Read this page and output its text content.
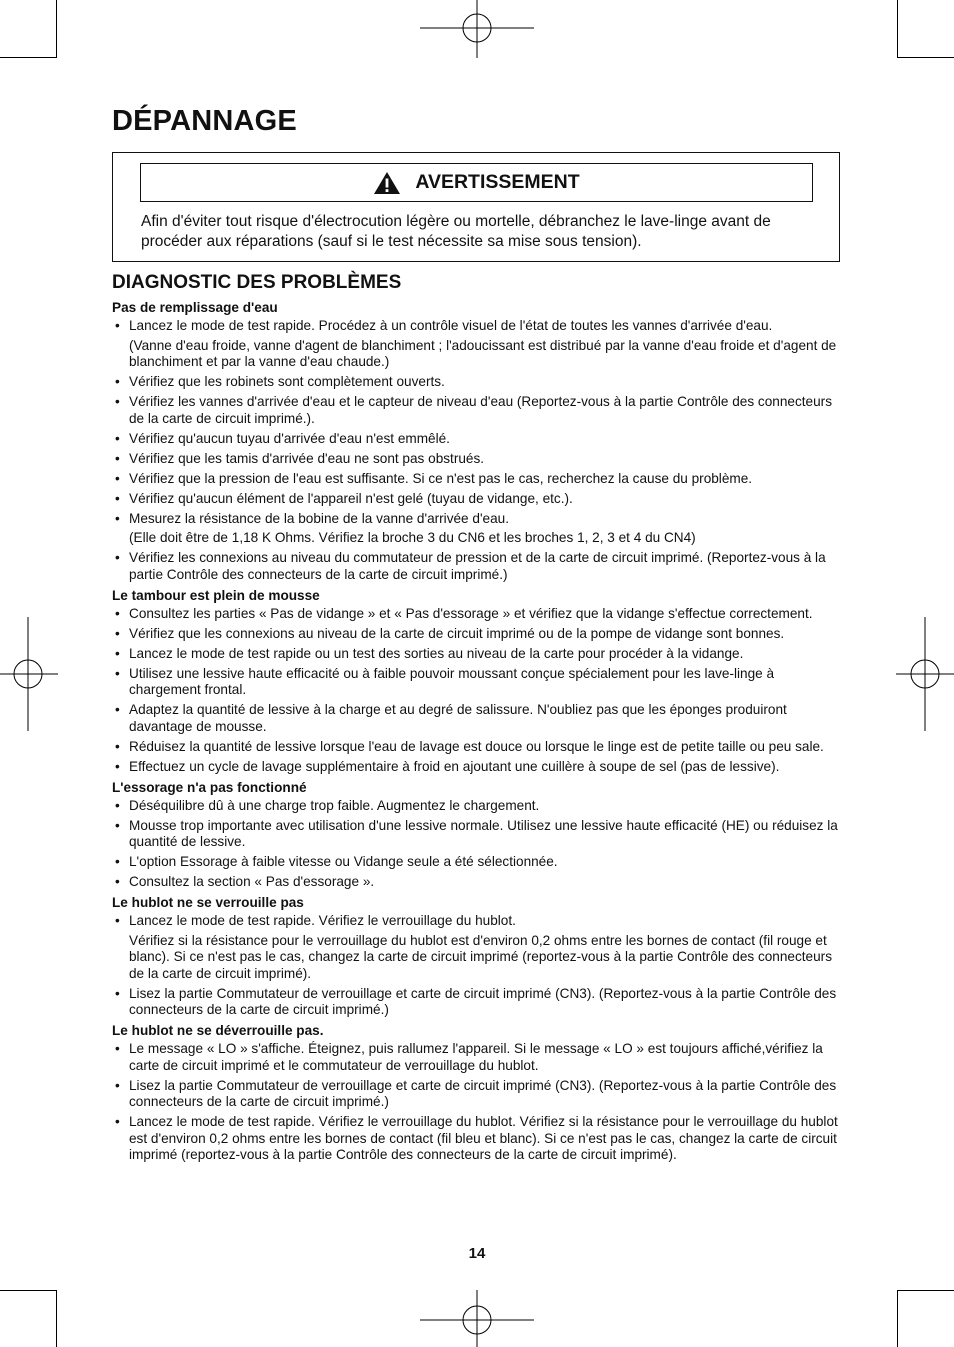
DÉPANNAGE
AVERTISSEMENT

Afin d'éviter tout risque d'électrocution légère ou mortelle, débranchez le lave-linge avant de procéder aux réparations (sauf si le test nécessite sa mise sous tension).

DIAGNOSTIC DES PROBLÈMES

Pas de remplissage d'eau

• Lancez le mode de test rapide. Procédez à un contrôle visuel de l'état de toutes les vannes d'arrivée d'eau.
(Vanne d'eau froide, vanne d'agent de blanchiment ; l'adoucissant est distribué par la vanne d'eau froide et d'agent de blanchiment et par la vanne d'eau chaude.)
• Vérifiez que les robinets sont complètement ouverts.
• Vérifiez les vannes d'arrivée d'eau et le capteur de niveau d'eau (Reportez-vous à la partie Contrôle des connecteurs de la carte de circuit imprimé.).
• Vérifiez qu'aucun tuyau d'arrivée d'eau n'est emmêlé.
• Vérifiez que les tamis d'arrivée d'eau ne sont pas obstrués.
• Vérifiez que la pression de l'eau est suffisante. Si ce n'est pas le cas, recherchez la cause du problème.
• Vérifiez qu'aucun élément de l'appareil n'est gelé (tuyau de vidange, etc.).
• Mesurez la résistance de la bobine de la vanne d'arrivée d'eau.
(Elle doit être de 1,18 K Ohms. Vérifiez la broche 3 du CN6 et les broches 1, 2, 3 et 4 du CN4)
• Vérifiez les connexions au niveau du commutateur de pression et de la carte de circuit imprimé. (Reportez-vous à la partie Contrôle des connecteurs de la carte de circuit imprimé.)

Le tambour est plein de mousse

• Consultez les parties « Pas de vidange » et « Pas d'essorage » et vérifiez que la vidange s'effectue correctement.
• Vérifiez que les connexions au niveau de la carte de circuit imprimé ou de la pompe de vidange sont bonnes.
• Lancez le mode de test rapide ou un test des sorties au niveau de la carte pour procéder à la vidange.
• Utilisez une lessive haute efficacité ou à faible pouvoir moussant conçue spécialement pour les lave-linge à chargement frontal.
• Adaptez la quantité de lessive à la charge et au degré de salissure. N'oubliez pas que les éponges produiront davantage de mousse.
• Réduisez la quantité de lessive lorsque l'eau de lavage est douce ou lorsque le linge est de petite taille ou peu sale.
• Effectuez un cycle de lavage supplémentaire à froid en ajoutant une cuillère à soupe de sel (pas de lessive).

L'essorage n'a pas fonctionné

• Déséquilibre dû à une charge trop faible. Augmentez le chargement.
• Mousse trop importante avec utilisation d'une lessive normale. Utilisez une lessive haute efficacité (HE) ou réduisez la quantité de lessive.
• L'option Essorage à faible vitesse ou Vidange seule a été sélectionnée.
• Consultez la section « Pas d'essorage ».

Le hublot ne se verrouille pas

• Lancez le mode de test rapide. Vérifiez le verrouillage du hublot.
Vérifiez si la résistance pour le verrouillage du hublot est d'environ 0,2 ohms entre les bornes de contact (fil rouge et blanc). Si ce n'est pas le cas, changez la carte de circuit imprimé (reportez-vous à la partie Contrôle des connecteurs de la carte de circuit imprimé).
• Lisez la partie Commutateur de verrouillage et carte de circuit imprimé (CN3). (Reportez-vous à la partie Contrôle des connecteurs de la carte de circuit imprimé.)

Le hublot ne se déverrouille pas.

• Le message « LO » s'affiche. Éteignez, puis rallumez l'appareil. Si le message « LO » est toujours affiché,vérifiez la carte de circuit imprimé et le commutateur de verrouillage du hublot.
• Lisez la partie Commutateur de verrouillage et carte de circuit imprimé (CN3). (Reportez-vous à la partie Contrôle des connecteurs de la carte de circuit imprimé.)
• Lancez le mode de test rapide. Vérifiez le verrouillage du hublot. Vérifiez si la résistance pour le verrouillage du hublot est d'environ 0,2 ohms entre les bornes de contact (fil bleu et blanc). Si ce n'est pas le cas, changez la carte de circuit imprimé (reportez-vous à la partie Contrôle des connecteurs de la carte de circuit imprimé).
14
